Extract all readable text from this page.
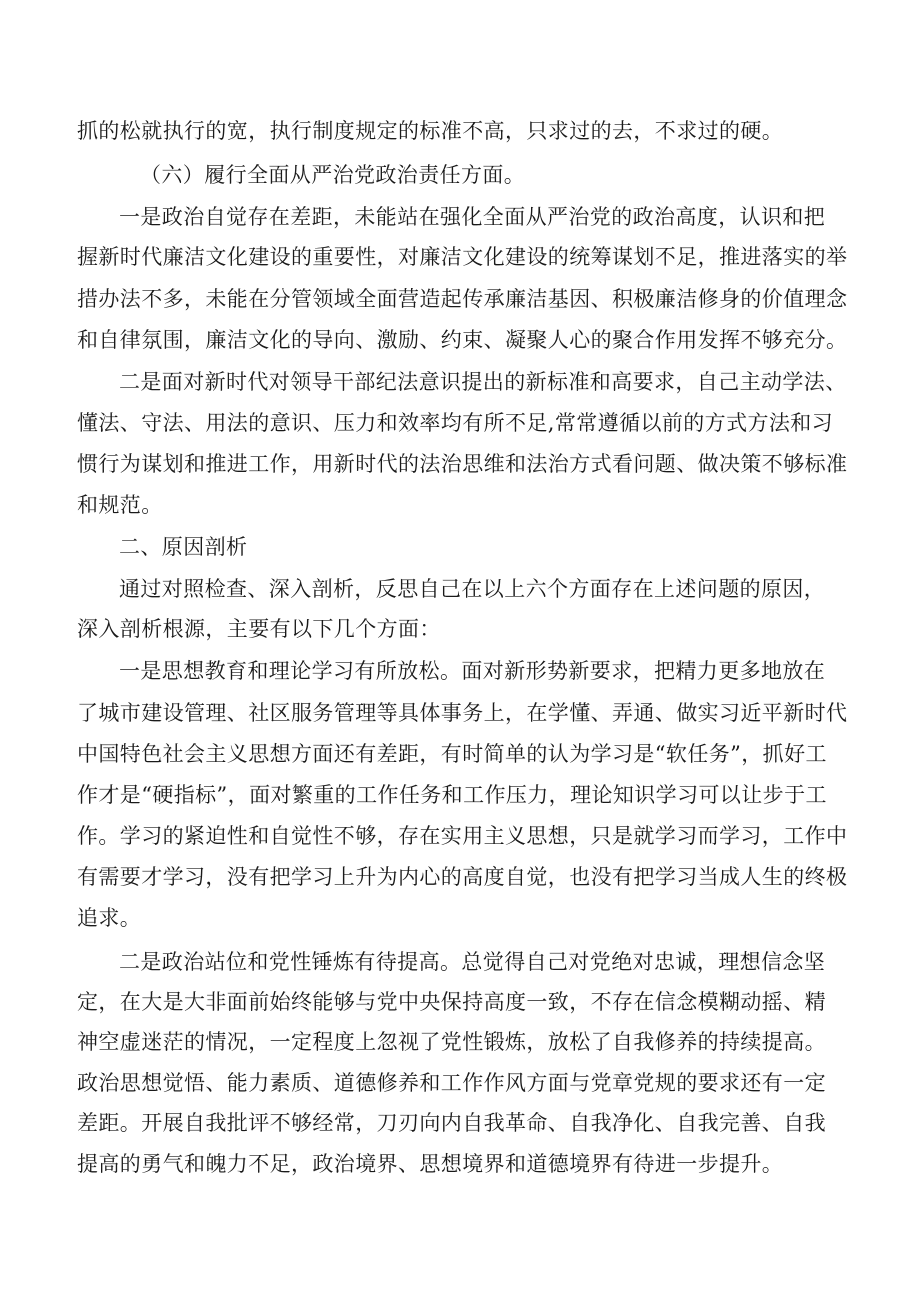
抓的松就执行的宽，执行制度规定的标准不高，只求过的去，不求过的硬。
（六）履行全面从严治党政治责任方面。
一是政治自觉存在差距，未能站在强化全面从严治党的政治高度，认识和把
握新时代廉洁文化建设的重要性，对廉洁文化建设的统筹谋划不足，推进落实的举
措办法不多，未能在分管领域全面营造起传承廉洁基因、积极廉洁修身的价值理念
和自律氛围，廉洁文化的导向、激励、约束、凝聚人心的聚合作用发挥不够充分。
二是面对新时代对领导干部纪法意识提出的新标准和高要求，自己主动学法、
懂法、守法、用法的意识、压力和效率均有所不足,常常遵循以前的方式方法和习
惯行为谋划和推进工作，用新时代的法治思维和法治方式看问题、做决策不够标准
和规范。
二、原因剖析
通过对照检查、深入剖析，反思自己在以上六个方面存在上述问题的原因，
深入剖析根源，主要有以下几个方面：
一是思想教育和理论学习有所放松。面对新形势新要求，把精力更多地放在
了城市建设管理、社区服务管理等具体事务上，在学懂、弄通、做实习近平新时代
中国特色社会主义思想方面还有差距，有时简单的认为学习是“软任务”，抓好工
作才是“硬指标”，面对繁重的工作任务和工作压力，理论知识学习可以让步于工
作。学习的紧迫性和自觉性不够，存在实用主义思想，只是就学习而学习，工作中
有需要才学习，没有把学习上升为内心的高度自觉，也没有把学习当成人生的终极
追求。
二是政治站位和党性锤炼有待提高。总觉得自己对党绝对忠诚，理想信念坚
定，在大是大非面前始终能够与党中央保持高度一致，不存在信念模糊动摇、精
神空虚迷茫的情况，一定程度上忽视了党性锻炼，放松了自我修养的持续提高。
政治思想觉悟、能力素质、道德修养和工作作风方面与党章党规的要求还有一定
差距。开展自我批评不够经常，刀刃向内自我革命、自我净化、自我完善、自我
提高的勇气和魄力不足，政治境界、思想境界和道德境界有待进一步提升。
